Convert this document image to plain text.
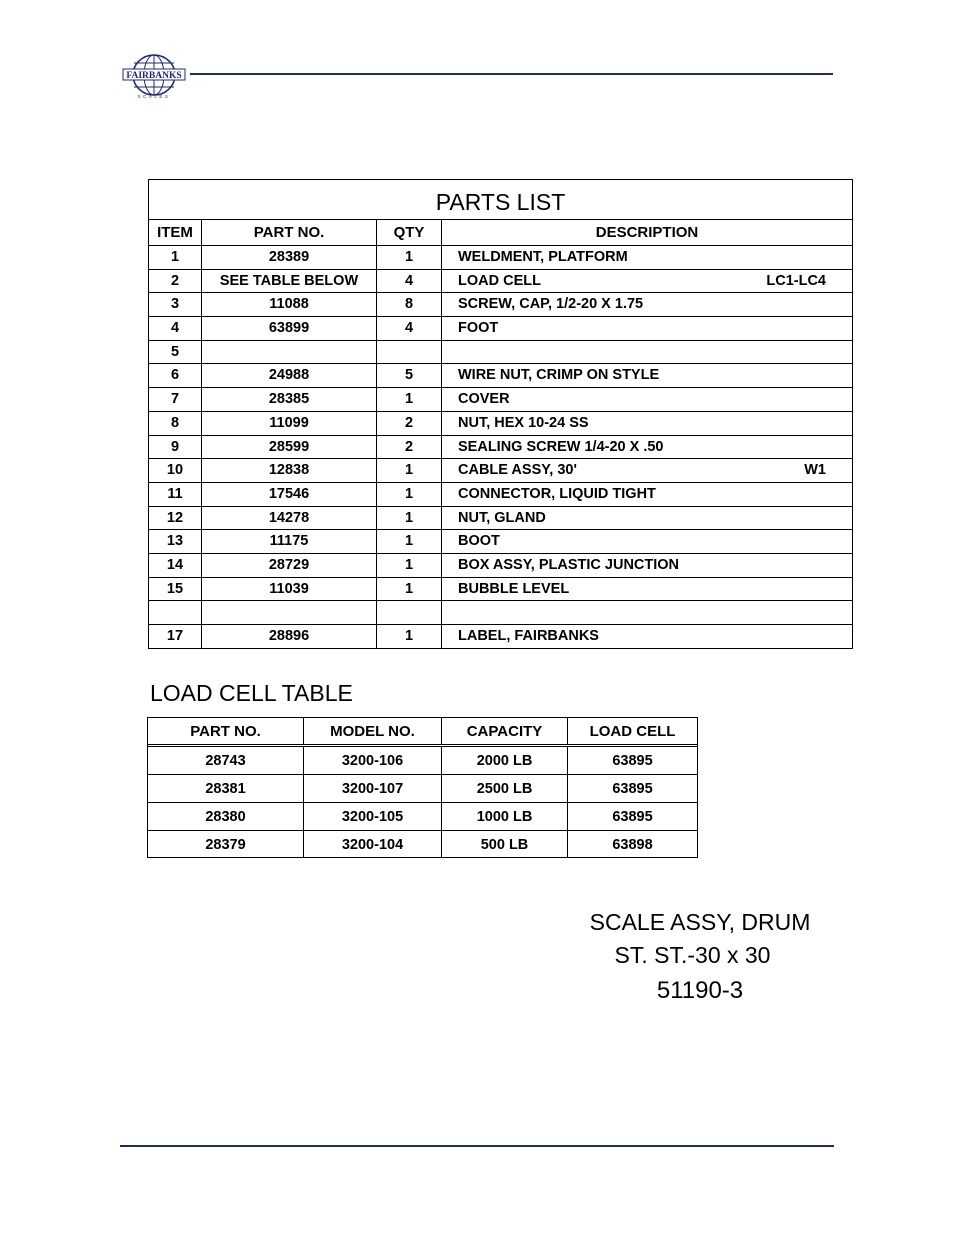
FAIRBANKS
SCALES
PARTS LIST
ITEM	PART NO.	QTY	DESCRIPTION
1	28389	1	WELDMENT, PLATFORM
2	SEE TABLE BELOW	4	LOAD CELL	LC1-LC4
3	11088	8	SCREW, CAP, 1/2-20 X 1.75
4	63899	4	FOOT
5
6	24988	5	WIRE NUT, CRIMP ON STYLE
7	28385	1	COVER
8	11099	2	NUT, HEX 10-24 SS
9	28599	2	SEALING SCREW 1/4-20 X .50
10	12838	1	CABLE ASSY, 30'	W1
11	17546	1	CONNECTOR, LIQUID TIGHT
12	14278	1	NUT, GLAND
13	11175	1	BOOT
14	28729	1	BOX ASSY, PLASTIC JUNCTION
15	11039	1	BUBBLE LEVEL
17	28896	1	LABEL, FAIRBANKS
LOAD CELL TABLE
PART NO.	MODEL NO.	CAPACITY	LOAD CELL
28743	3200-106	2000 LB	63895
28381	3200-107	2500 LB	63895
28380	3200-105	1000 LB	63895
28379	3200-104	500 LB	63898
SCALE ASSY, DRUM
ST. ST.-30 x 30
51190-3
